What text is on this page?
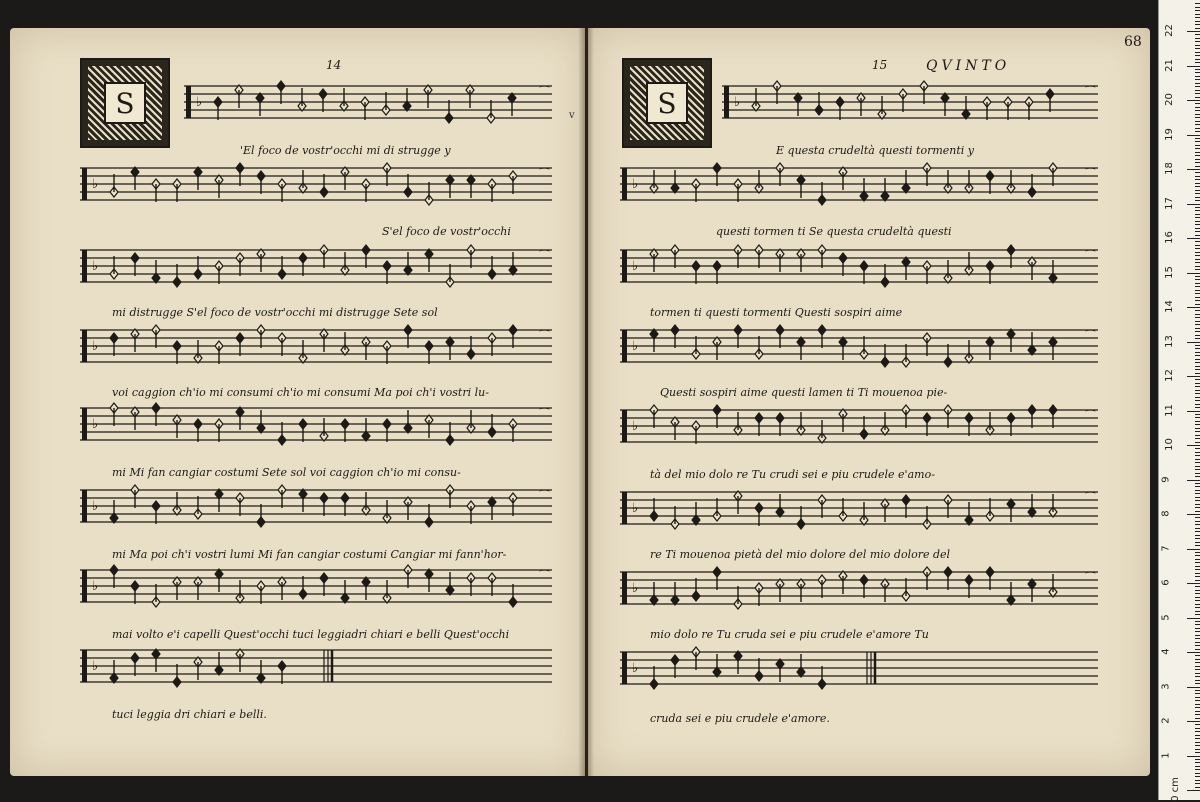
14
S
15	QVINTO
68
S
♭
⁀
♭
⁀
♭
⁀
♭
⁀
♭
⁀
♭
⁀
♭
⁀
♭
♭
⁀
♭
⁀
♭
⁀
♭
⁀
♭
⁀
♭
⁀
♭
⁀
♭
'El foco de vostr'occhi mi di strugge y
S'el foco de vostr'occhi
mi distrugge S'el foco de vostr'occhi mi distrugge Sete sol
voi caggion ch'io mi consumi ch'io mi consumi Ma poi ch'i vostri lu-
mi Mi fan cangiar costumi Sete sol voi caggion ch'io mi consu-
mi Ma poi ch'i vostri lumi Mi fan cangiar costumi Cangiar mi fann'hor-
mai volto e'i capelli Quest'occhi tuci leggiadri chiari e belli Quest'occhi
tuci leggia dri chiari e belli.
E questa crudeltà questi tormenti y
questi tormen ti Se questa crudeltà questi
tormen ti questi tormenti Questi sospiri aime
Questi sospiri aime questi lamen ti Ti mouenoa pie-
tà del mio dolo re Tu crudi sei e piu crudele e'amo-
re Ti mouenoa pietà del mio dolore del mio dolore del
mio dolo re Tu cruda sei e piu crudele e'amore Tu
cruda sei e piu crudele e'amore.
v
0 cm
1
2
3
4
5
6
7
8
9
10
11
12
13
14
15
16
17
18
19
20
21
22
